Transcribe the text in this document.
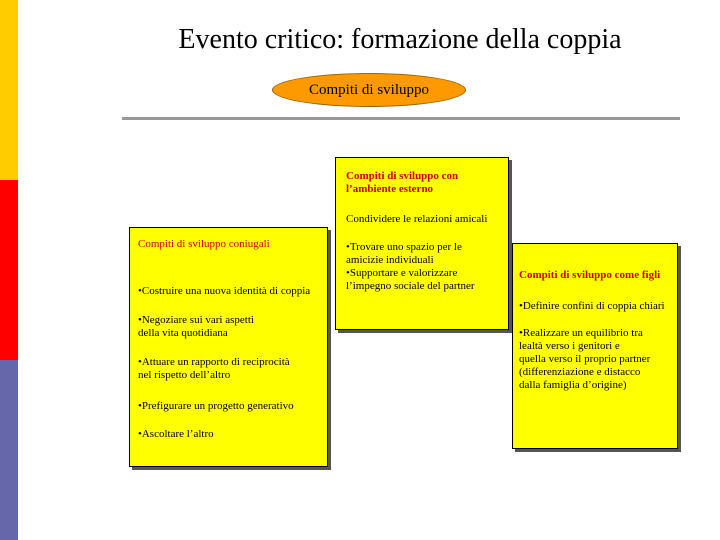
Evento critico: formazione della coppia
Compiti di sviluppo
Compiti di sviluppo con
l’ambiente esterno
Condividere le relazioni amicali
•Trovare uno spazio per le
amicizie individuali
•Supportare e valorizzare
l’impegno sociale del partner
Compiti di sviluppo coniugali
•Costruire una nuova identità di coppia
•Negoziare sui vari aspetti
della vita quotidiana
•Attuare un rapporto di reciprocità
nel rispetto dell’altro
•Prefigurare un progetto generativo
•Ascoltare l’altro
Compiti di sviluppo come figli
•Definire confini di coppia chiari
•Realizzare un equilibrio tra
lealtà verso i genitori e
quella verso il proprio partner
(differenziazione e distacco
dalla famiglia d’origine)
